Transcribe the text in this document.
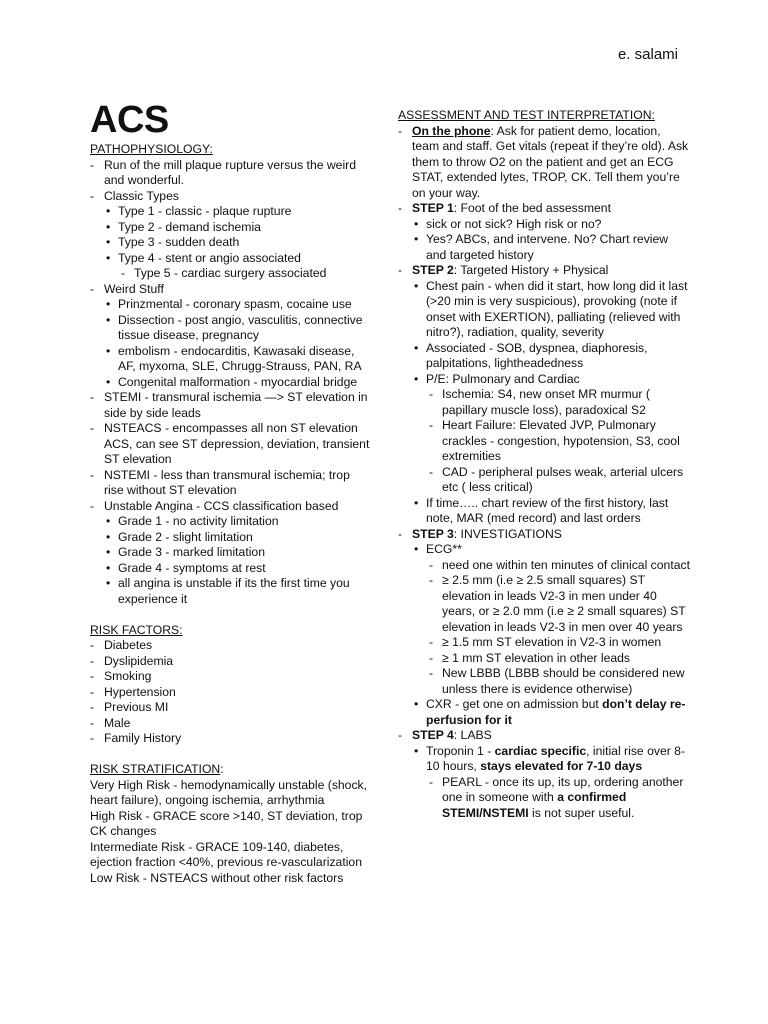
e. salami
ACS
PATHOPHYSIOLOGY:
‐ Run of the mill plaque rupture versus the weird and wonderful.
‐ Classic Types
• Type 1 - classic - plaque rupture
• Type 2 - demand ischemia
• Type 3 - sudden death
• Type 4 - stent or angio associated
‐ Type 5 - cardiac surgery associated
‐ Weird Stuff
• Prinzmental - coronary spasm, cocaine use
• Dissection - post angio, vasculitis, connective tissue disease, pregnancy
• embolism - endocarditis, Kawasaki disease, AF, myxoma, SLE, Chrugg-Strauss, PAN, RA
• Congenital malformation - myocardial bridge
‐ STEMI - transmural ischemia —> ST elevation in side by side leads
‐ NSTEACS - encompasses all non ST elevation ACS, can see ST depression, deviation, transient ST elevation
‐ NSTEMI - less than transmural ischemia; trop rise without ST elevation
‐ Unstable Angina - CCS classification based
• Grade 1 - no activity limitation
• Grade 2 - slight limitation
• Grade 3 - marked limitation
• Grade 4 - symptoms at rest
• all angina is unstable if its the first time you experience it
RISK FACTORS:
‐ Diabetes
‐ Dyslipidemia
‐ Smoking
‐ Hypertension
‐ Previous MI
‐ Male
‐ Family History
RISK STRATIFICATION:
Very High Risk - hemodynamically unstable (shock, heart failure), ongoing ischemia, arrhythmia
High Risk - GRACE score >140, ST deviation, trop CK changes
Intermediate Risk - GRACE 109-140, diabetes, ejection fraction <40%, previous re-vascularization
Low Risk - NSTEACS without other risk factors
ASSESSMENT AND TEST INTERPRETATION:
‐ On the phone: Ask for patient demo, location, team and staff. Get vitals (repeat if they’re old). Ask them to throw O2 on the patient and get an ECG STAT, extended lytes, TROP, CK. Tell them you’re on your way.
‐ STEP 1: Foot of the bed assessment
• sick or not sick? High risk or no?
• Yes? ABCs, and intervene. No? Chart review and targeted history
‐ STEP 2: Targeted History + Physical
• Chest pain - when did it start, how long did it last (>20 min is very suspicious), provoking (note if onset with EXERTION), palliating (relieved with nitro?), radiation, quality, severity
• Associated - SOB, dyspnea, diaphoresis, palpitations, lightheadedness
• P/E: Pulmonary and Cardiac
‐ Ischemia: S4, new onset MR murmur ( papillary muscle loss), paradoxical S2
‐ Heart Failure: Elevated JVP, Pulmonary crackles - congestion, hypotension, S3, cool extremities
‐ CAD - peripheral pulses weak, arterial ulcers etc ( less critical)
• If time….. chart review of the first history, last note, MAR (med record) and last orders
‐ STEP 3: INVESTIGATIONS
• ECG**
‐ need one within ten minutes of clinical contact
‐ ≥ 2.5 mm (i.e ≥ 2.5 small squares) ST elevation in leads V2-3 in men under 40 years, or ≥ 2.0 mm (i.e ≥ 2 small squares) ST elevation in leads V2-3 in men over 40 years
‐ ≥ 1.5 mm ST elevation in V2-3 in women
‐ ≥ 1 mm ST elevation in other leads
‐ New LBBB (LBBB should be considered new unless there is evidence otherwise)
• CXR - get one on admission but don’t delay re-perfusion for it
‐ STEP 4: LABS
• Troponin 1 - cardiac specific, initial rise over 8-10 hours, stays elevated for 7-10 days
‐ PEARL - once its up, its up, ordering another one in someone with a confirmed STEMI/NSTEMI is not super useful.
